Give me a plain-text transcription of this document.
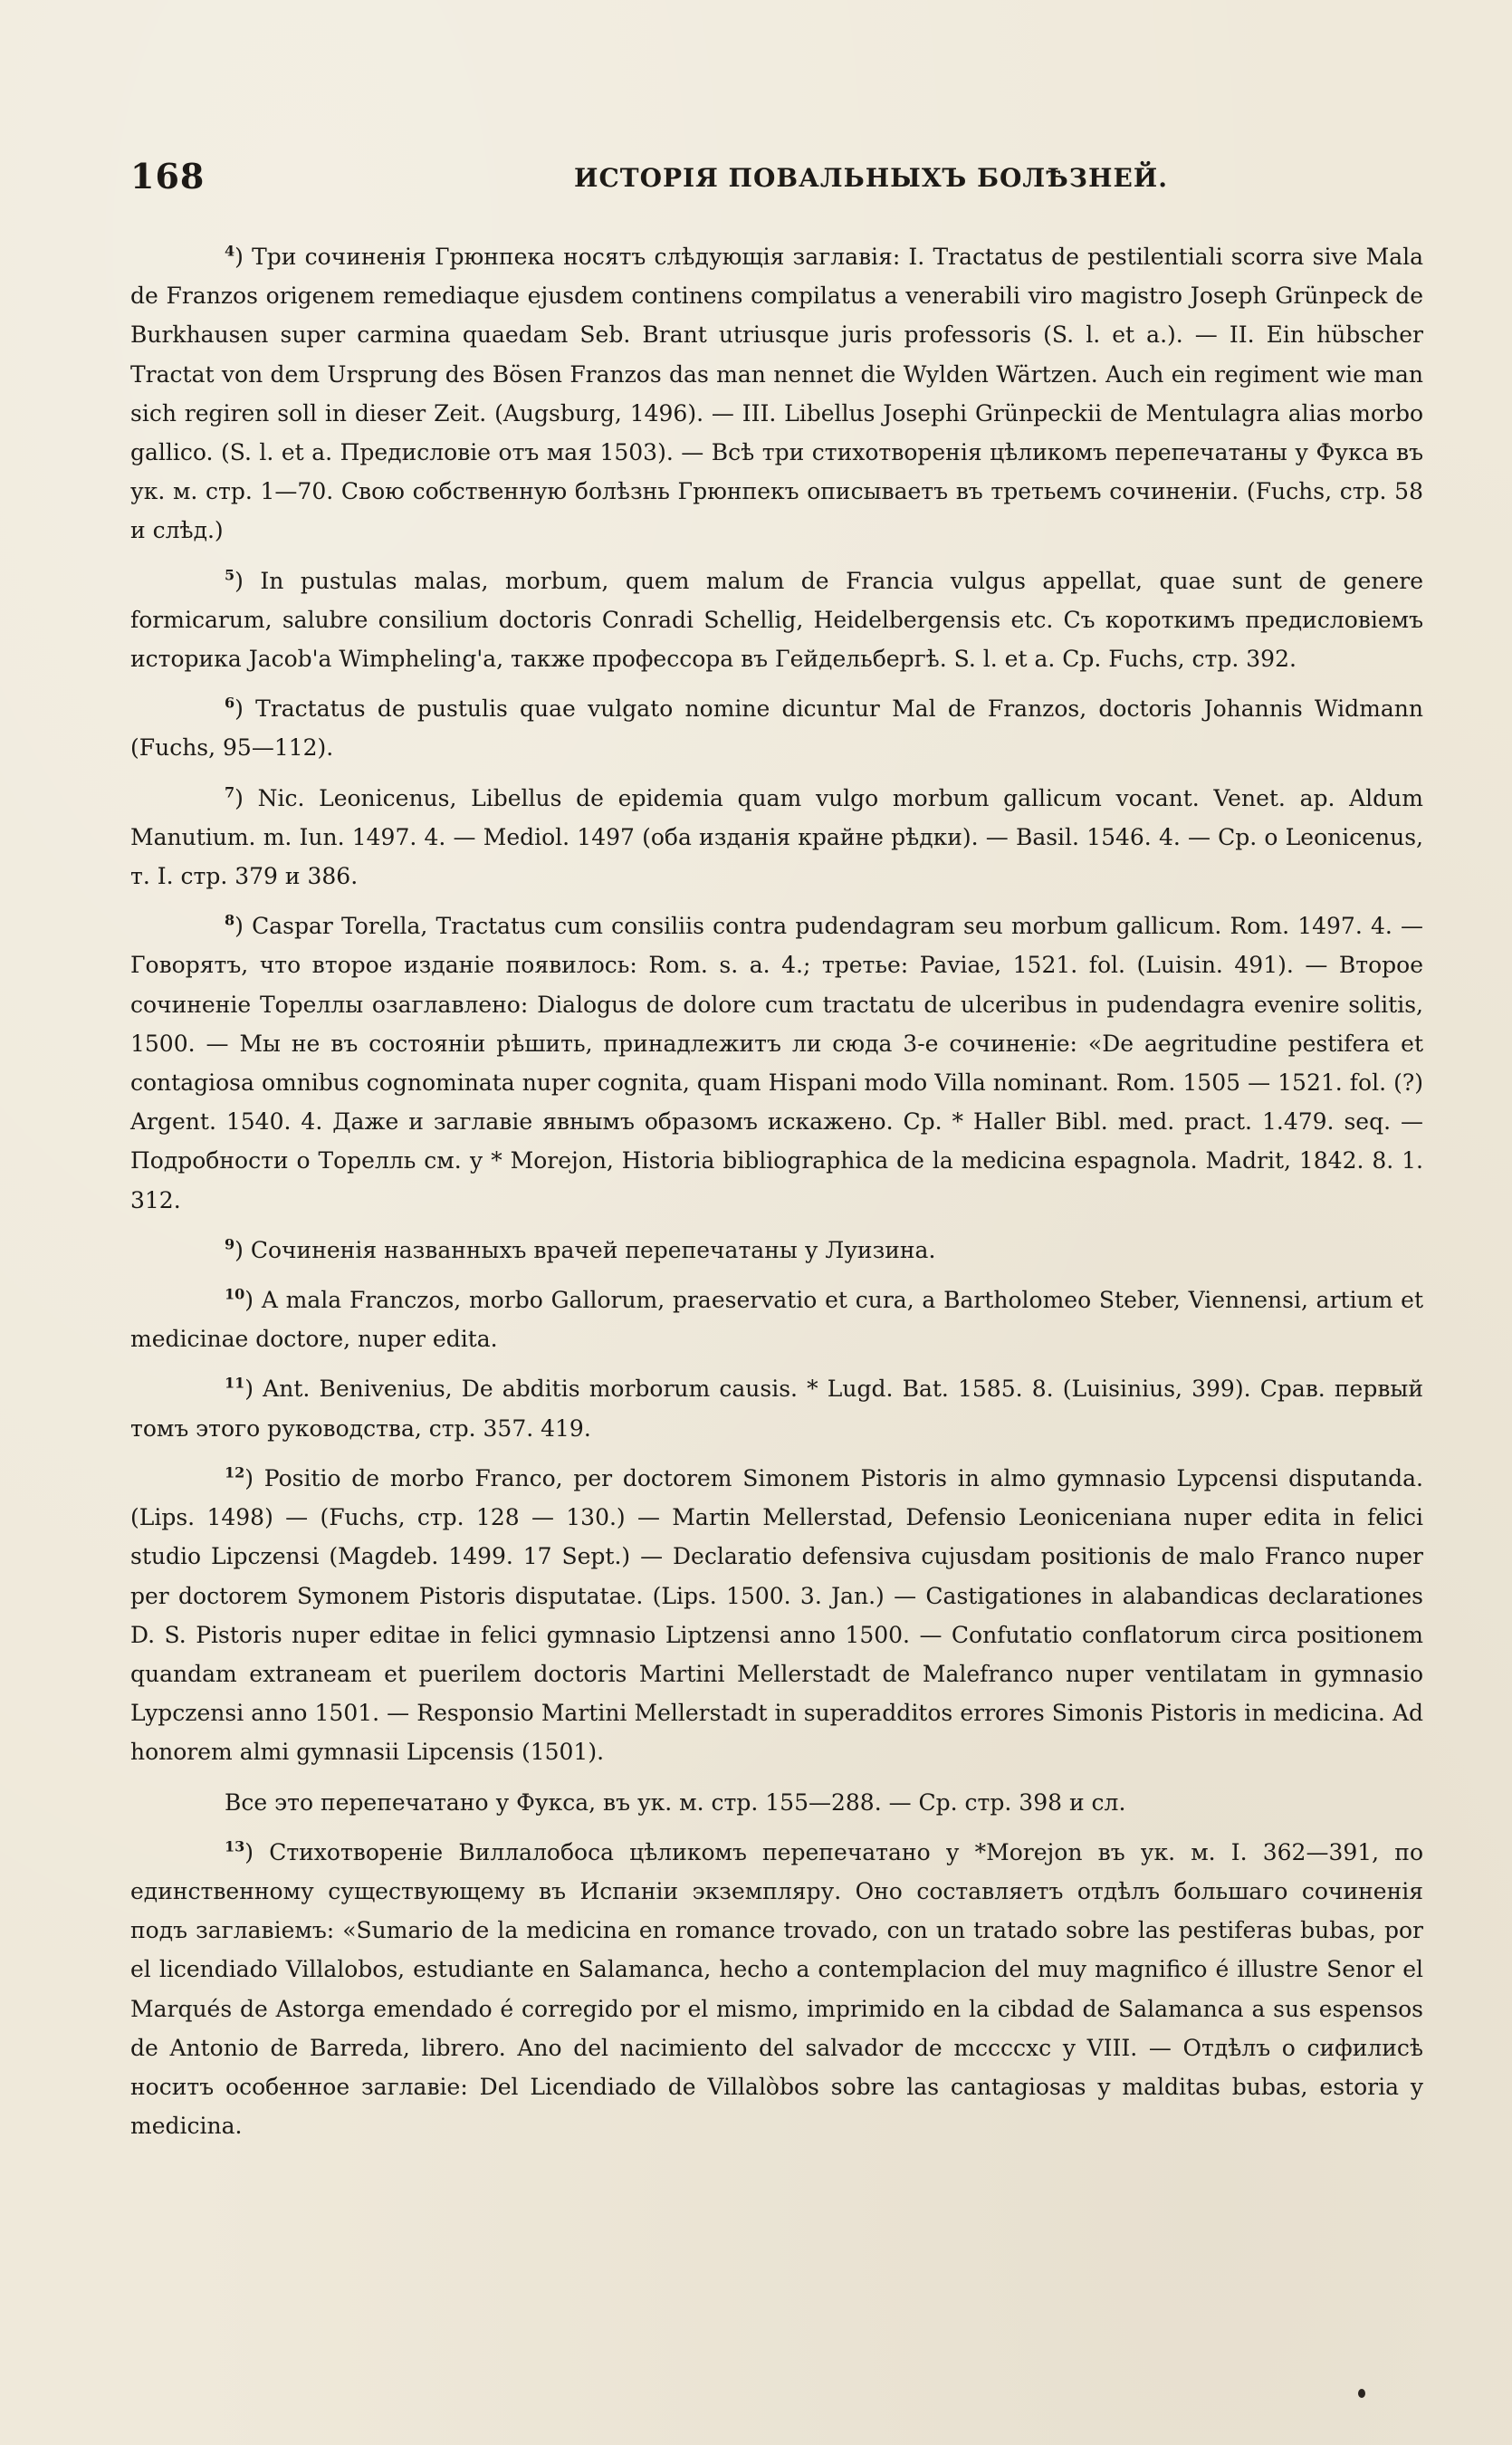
168	ИСТОРІЯ ПОВАЛЬНЫХЪ БОЛѢЗНЕЙ.

$^4$) Три сочиненія Грюнпека носятъ слѣдующія заглавія: I. Tractatus de pestilentiali scorra sive Mala de Franzos origenem remediaque ejusdem continens compilatus a venerabili viro magistro Joseph Grünpeck de Burkhausen super carmina quaedam Seb. Brant utriusque juris professoris (S. l. et a.). — II. Ein hübscher Tractat von dem Ursprung des Bösen Franzos das man nennet die Wylden Wärtzen. Auch ein regiment wie man sich regiren soll in dieser Zeit. (Augsburg, 1496). — III. Libellus Josephi Grünpeckii de Mentulagra alias morbo gallico. (S. l. et a. Предисловіе отъ мая 1503). — Всѣ три стихотворенія цѣликомъ перепечатаны у Фукса въ ук. м. стр. 1—70. Свою собственную болѣзнь Грюнпекъ описываетъ въ третьемъ сочиненіи. (Fuchs, стр. 58 и слѣд.)

$^5$) In pustulas malas, morbum, quem malum de Francia vulgus appellat, quae sunt de genere formicarum, salubre consilium doctoris Conradi Schellig, Heidelbergensis etc. Съ короткимъ предисловіемъ историка Jacob'a Wimpheling'a, также профессора въ Гейдельбергѣ. S. l. et a. Ср. Fuchs, стр. 392.

$^6$) Tractatus de pustulis quae vulgato nomine dicuntur Mal de Franzos, doctoris Johannis Widmann (Fuchs, 95—112).

$^7$) Nic. Leonicenus, Libellus de epidemia quam vulgo morbum gallicum vocant. Venet. ap. Aldum Manutium. m. Iun. 1497. 4. — Mediol. 1497 (оба изданія крайне рѣдки). — Basil. 1546. 4. — Ср. о Leonicenus, т. I. стр. 379 и 386.

$^8$) Caspar Torella, Tractatus cum consiliis contra pudendagram seu morbum gallicum. Rom. 1497. 4. — Говорятъ, что второе изданіе появилось: Rom. s. a. 4.; третье: Paviae, 1521. fol. (Luisin. 491). — Второе сочиненіе Тореллы озаглавлено: Dialogus de dolore cum tractatu de ulceribus in pudendagra evenire solitis, 1500. — Мы не въ состояніи рѣшить, принадлежитъ ли сюда 3-е сочиненіе: «De aegritudine pestifera et contagiosa omnibus cognominata nuper cognita, quam Hispani modo Villa nominant. Rom. 1505 — 1521. fol. (?) Argent. 1540. 4. Даже и заглавіе явнымъ образомъ искажено. Ср. * Haller Bibl. med. pract. 1.479. seq. — Подробности о Торелль см. у * Morejon, Historia bibliographica de la medicina espagnola. Madrit, 1842. 8. 1. 312.

$^9$) Сочиненія названныхъ врачей перепечатаны у Луизина.

$^{10}$) A mala Franczos, morbo Gallorum, praeservatio et cura, a Bartholomeo Steber, Viennensi, artium et medicinae doctore, nuper edita.

$^{11}$) Ant. Benivenius, De abditis morborum causis. * Lugd. Bat. 1585. 8. (Luisinius, 399). Срав. первый томъ этого руководства, стр. 357. 419.

$^{12}$) Positio de morbo Franco, per doctorem Simonem Pistoris in almo gymnasio Lypcensi disputanda. (Lips. 1498) — (Fuchs, стр. 128 — 130.) — Martin Mellerstad, Defensio Leoniceniana nuper edita in felici studio Lipczensi (Magdeb. 1499. 17 Sept.) — Declaratio defensiva cujusdam positionis de malo Franco nuper per doctorem Symonem Pistoris disputatae. (Lips. 1500. 3. Jan.) — Castigationes in alabandicas declarationes D. S. Pistoris nuper editae in felici gymnasio Liptzensi anno 1500. — Confutatio conflatorum circa positionem quandam extraneam et puerilem doctoris Martini Mellerstadt de Malefranco nuper ventilatam in gymnasio Lypczensi anno 1501. — Responsio Martini Mellerstadt in superadditos errores Simonis Pistoris in medicina. Ad honorem almi gymnasii Lipcensis (1501).

Все это перепечатано у Фукса, въ ук. м. стр. 155—288. — Ср. стр. 398 и сл.

$^{13}$) Стихотвореніе Виллалобоса цѣликомъ перепечатано у *Morejon въ ук. м. I. 362—391, по единственному существующему въ Испаніи экземпляру. Оно составляетъ отдѣлъ большаго сочиненія подъ заглавіемъ: «Sumario de la medicina en romance trovado, con un tratado sobre las pestiferas bubas, por el licendiado Villalobos, estudiante en Salamanca, hecho a contemplacion del muy magnifico é illustre Senor el Marqués de Astorga emendado é corregido por el mismo, imprimido en la cibdad de Salamanca a sus espensos de Antonio de Barreda, librero. Ano del nacimiento del salvador de mccccxc y VIII. — Отдѣлъ о сифилисѣ носитъ особенное заглавіе: Del Licendiado de Villalòbos sobre las cantagiosas y malditas bubas, estoria y medicina.
